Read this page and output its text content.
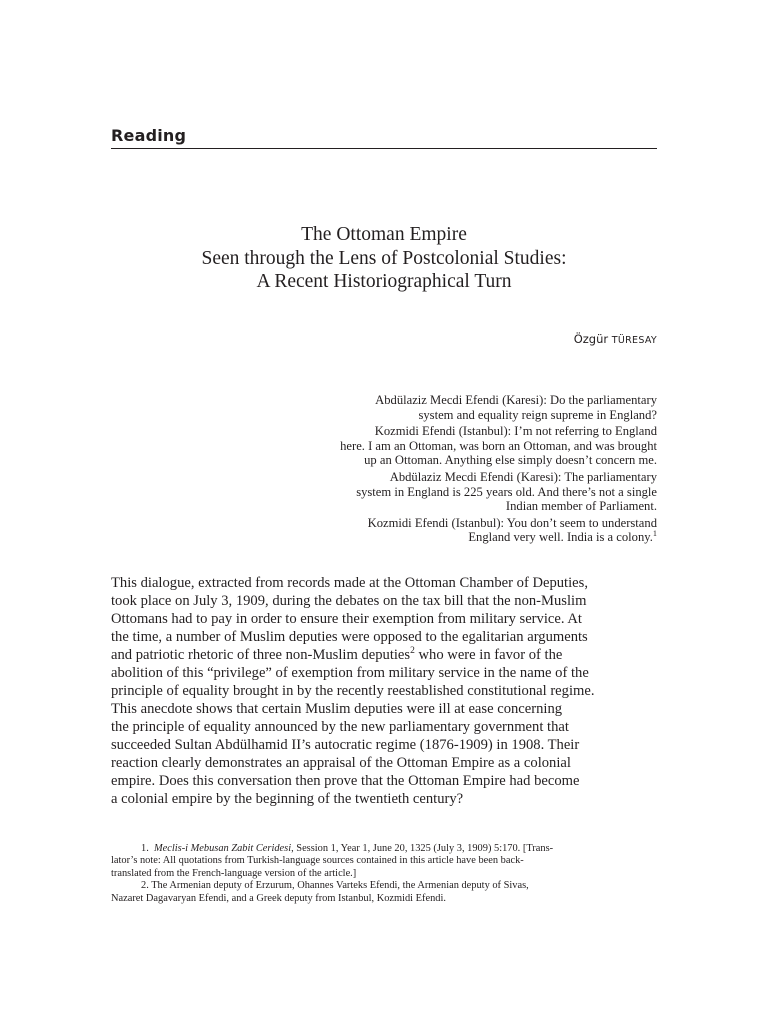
Reading
The Ottoman Empire
Seen through the Lens of Postcolonial Studies:
A Recent Historiographical Turn
Özgür TÜRESAY
Abdülaziz Mecdi Efendi (Karesi): Do the parliamentary
system and equality reign supreme in England?
Kozmidi Efendi (Istanbul): I’m not referring to England
here. I am an Ottoman, was born an Ottoman, and was brought
up an Ottoman. Anything else simply doesn’t concern me.
Abdülaziz Mecdi Efendi (Karesi): The parliamentary
system in England is 225 years old. And there’s not a single
Indian member of Parliament.
Kozmidi Efendi (Istanbul): You don’t seem to understand
England very well. India is a colony.$^1$
This dialogue, extracted from records made at the Ottoman Chamber of Deputies,
took place on July 3, 1909, during the debates on the tax bill that the non-Muslim
Ottomans had to pay in order to ensure their exemption from military service. At
the time, a number of Muslim deputies were opposed to the egalitarian arguments
and patriotic rhetoric of three non-Muslim deputies$^2$ who were in favor of the
abolition of this “privilege” of exemption from military service in the name of the
principle of equality brought in by the recently reestablished constitutional regime.
This anecdote shows that certain Muslim deputies were ill at ease concerning
the principle of equality announced by the new parliamentary government that
succeeded Sultan Abdülhamid II’s autocratic regime (1876-1909) in 1908. Their
reaction clearly demonstrates an appraisal of the Ottoman Empire as a colonial
empire. Does this conversation then prove that the Ottoman Empire had become
a colonial empire by the beginning of the twentieth century?
1. Meclis-i Mebusan Zabit Ceridesi, Session 1, Year 1, June 20, 1325 (July 3, 1909) 5:170. [Trans-
lator’s note: All quotations from Turkish-language sources contained in this article have been back-
translated from the French-language version of the article.]
2. The Armenian deputy of Erzurum, Ohannes Varteks Efendi, the Armenian deputy of Sivas,
Nazaret Dagavaryan Efendi, and a Greek deputy from Istanbul, Kozmidi Efendi.
